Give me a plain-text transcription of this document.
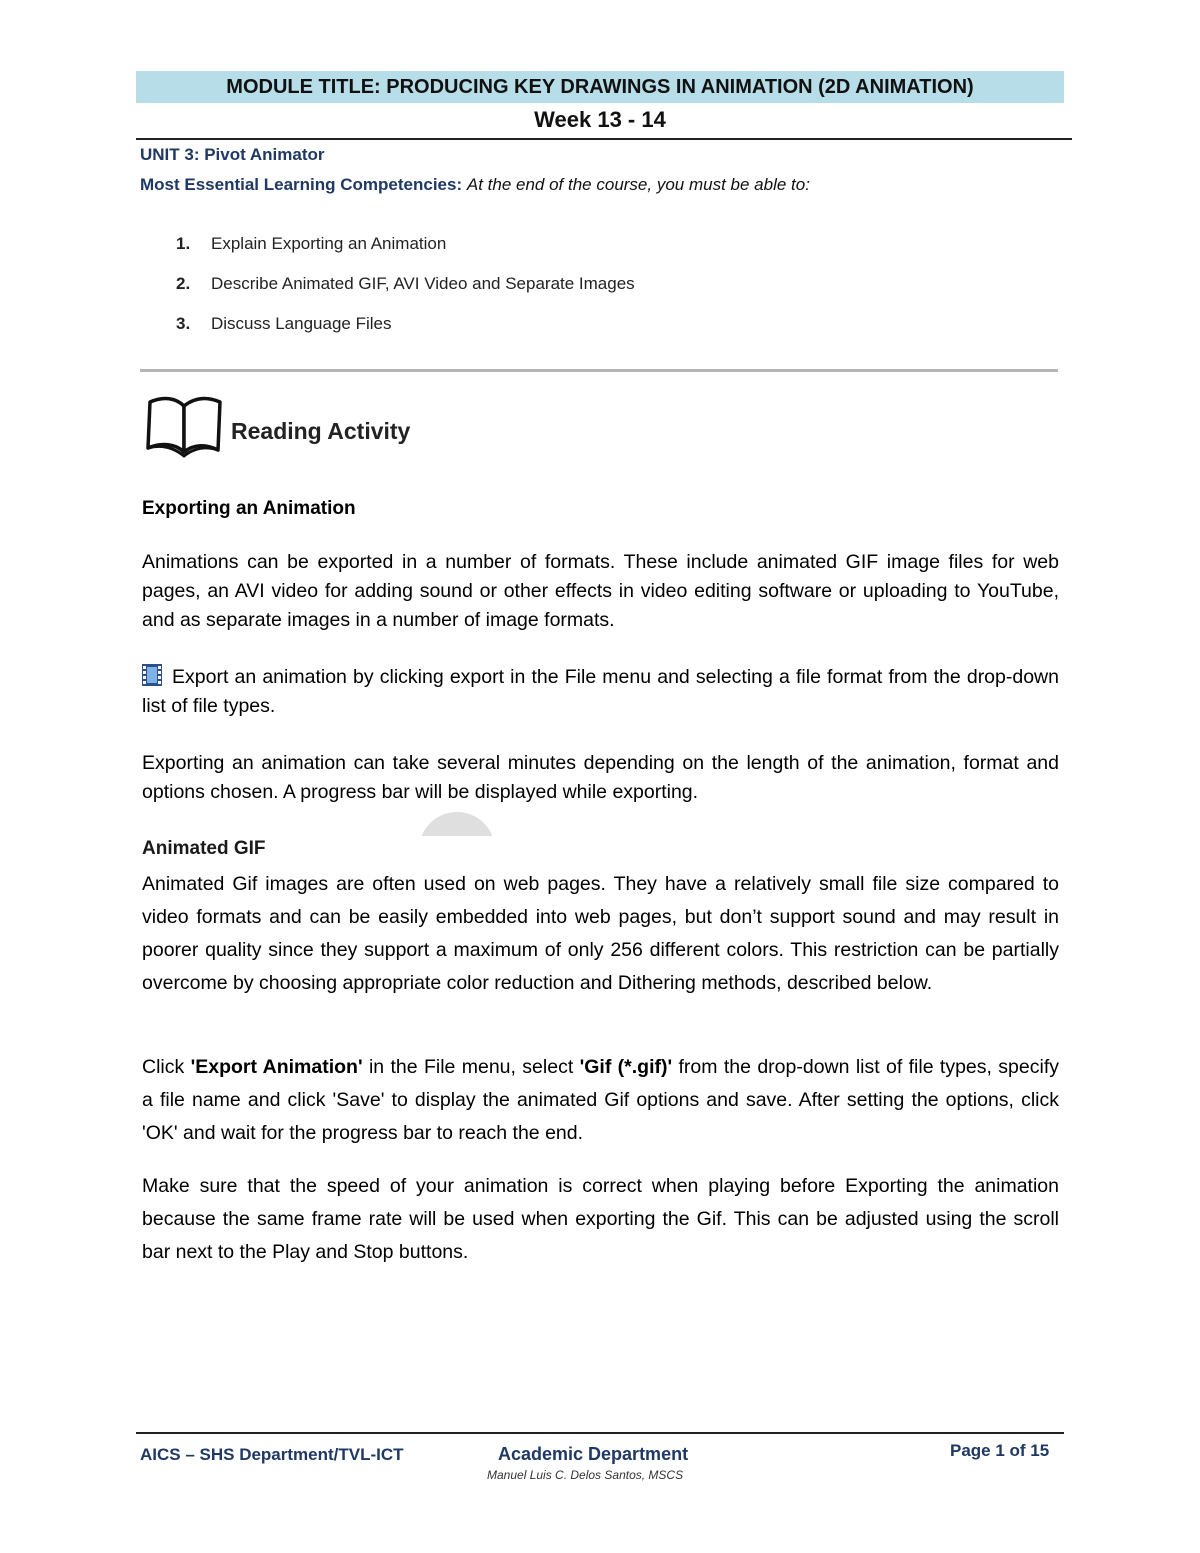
MODULE TITLE: PRODUCING KEY DRAWINGS IN ANIMATION (2D ANIMATION)
Week 13 - 14
UNIT 3: Pivot Animator
Most Essential Learning Competencies: At the end of the course, you must be able to:
1. Explain Exporting an Animation
2. Describe Animated GIF, AVI Video and Separate Images
3. Discuss Language Files
Reading Activity
Exporting an Animation

Animations can be exported in a number of formats. These include animated GIF image files for web pages, an AVI video for adding sound or other effects in video editing software or uploading to YouTube, and as separate images in a number of image formats.

Export an animation by clicking export in the File menu and selecting a file format from the drop-down list of file types.

Exporting an animation can take several minutes depending on the length of the animation, format and options chosen. A progress bar will be displayed while exporting.

Animated GIF

Animated Gif images are often used on web pages. They have a relatively small file size compared to video formats and can be easily embedded into web pages, but don’t support sound and may result in poorer quality since they support a maximum of only 256 different colors. This restriction can be partially overcome by choosing appropriate color reduction and Dithering methods, described below.

Click 'Export Animation' in the File menu, select 'Gif (*.gif)' from the drop-down list of file types, specify a file name and click 'Save' to display the animated Gif options and save. After setting the options, click 'OK' and wait for the progress bar to reach the end.

Make sure that the speed of your animation is correct when playing before Exporting the animation because the same frame rate will be used when exporting the Gif. This can be adjusted using the scroll bar next to the Play and Stop buttons.

AICS – SHS Department/TVL-ICT	Academic Department
Manuel Luis C. Delos Santos, MSCS
Page 1 of 15
